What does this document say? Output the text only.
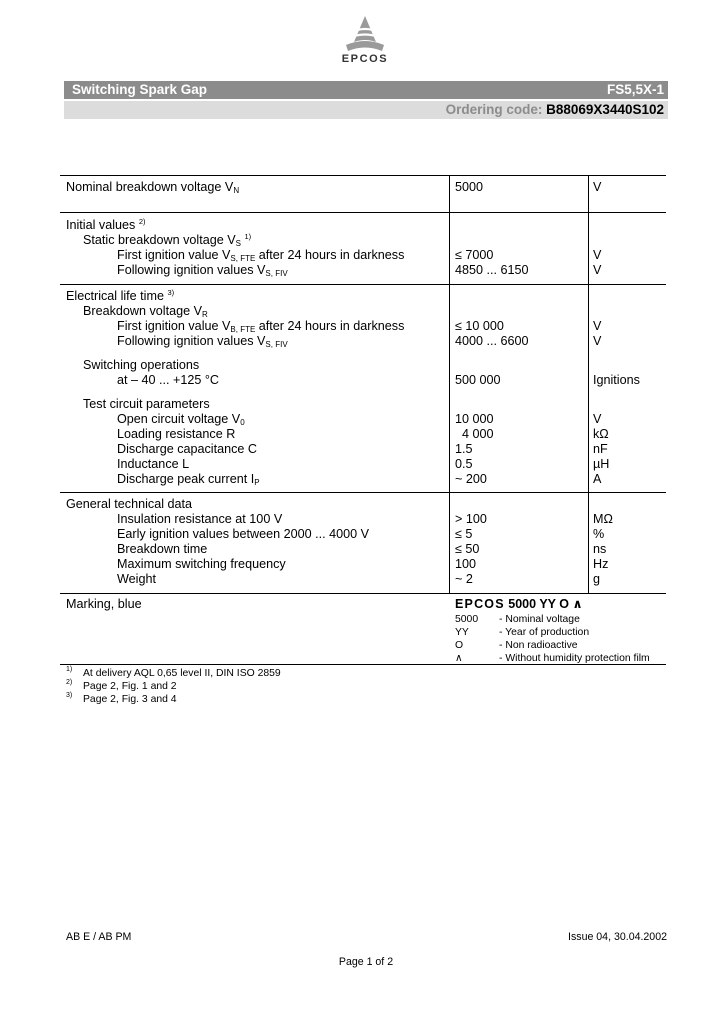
EPCOS
Switching Spark Gap	FS5,5X-1
Ordering code: B88069X3440S102
Nominal breakdown voltage $V_N$	5000	V
Initial values $^{2)}$
Static breakdown voltage $V_S$ $^{1)}$
First ignition value $V_{S, FTE}$ after 24 hours in darkness	≤ 7000	V
Following ignition values $V_{S, FIV}$	4850 ... 6150	V
Electrical life time $^{3)}$
Breakdown voltage $V_R$
First ignition value $V_{B, FTE}$ after 24 hours in darkness	≤ 10 000	V
Following ignition values $V_{S, FIV}$	4000 ... 6600	V
Switching operations
at – 40 ... +125 °C	500 000	Ignitions
Test circuit parameters
Open circuit voltage $V_0$	10 000	V
Loading resistance R	4 000	kΩ
Discharge capacitance C	1.5	nF
Inductance L	0.5	µH
Discharge peak current $I_P$	~ 200	A
General technical data
Insulation resistance at 100 V	> 100	MΩ
Early ignition values between 2000 ... 4000 V	≤ 5	%
Breakdown time	≤ 50	ns
Maximum switching frequency	100	Hz
Weight	~ 2	g
Marking, blue	EPCOS 5000 YY O ∧
5000 - Nominal voltage
YY	- Year of production
O	- Non radioactive
∧	- Without humidity protection film
1) At delivery AQL 0,65 level II, DIN ISO 2859
2) Page 2, Fig. 1 and 2
3) Page 2, Fig. 3 and 4
AB E / AB PM	Issue 04, 30.04.2002
Page 1 of 2
